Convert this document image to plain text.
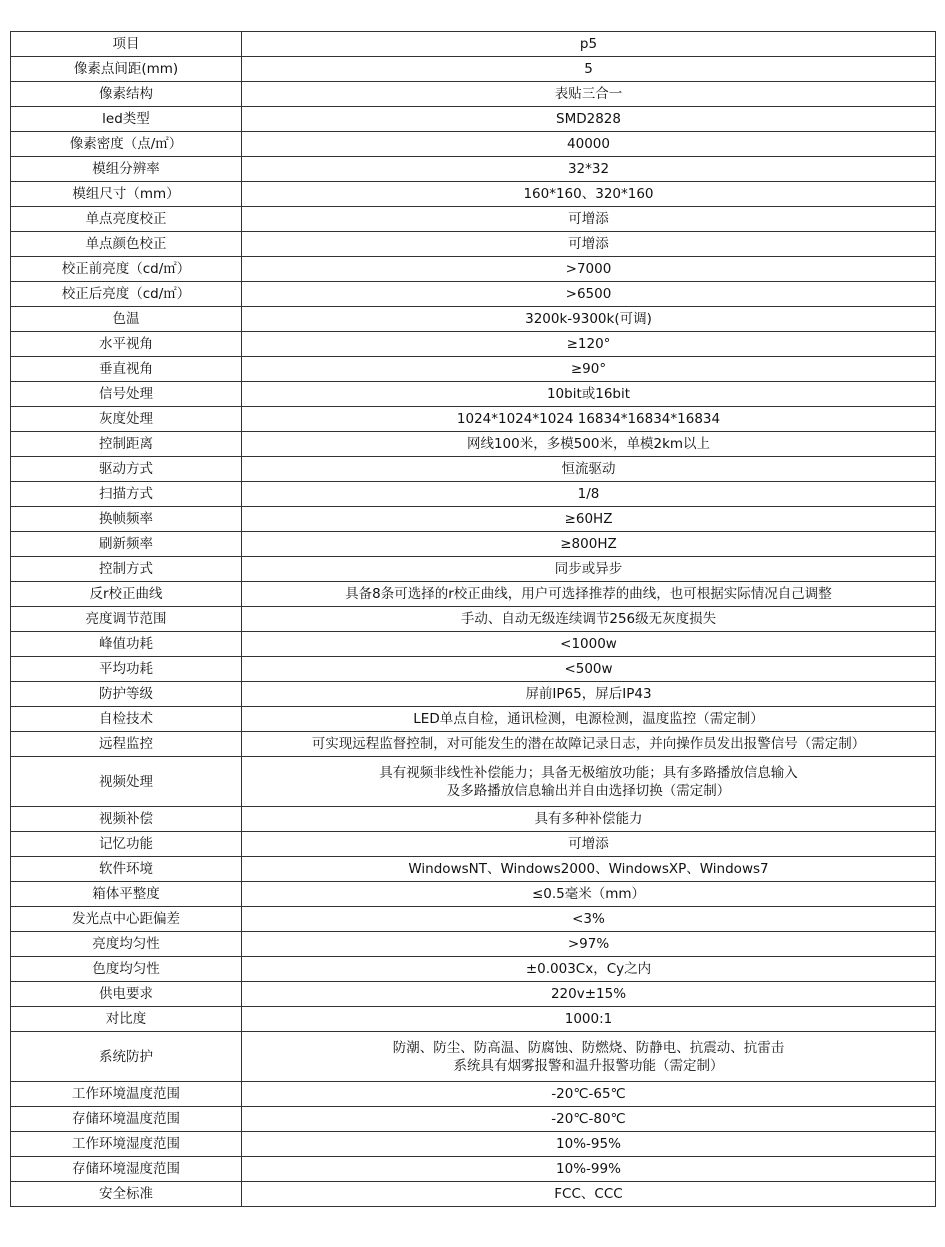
项目	p5

像素点间距(mm)	5

像素结构	表贴三合一

led类型	SMD2828

像素密度（点/㎡）	40000

模组分辨率	32*32

模组尺寸（mm）	160*160、320*160

单点亮度校正	可增添

单点颜色校正	可增添

校正前亮度（cd/㎡）	>7000

校正后亮度（cd/㎡）	>6500

色温	3200k-9300k(可调)

水平视角	≥120°

垂直视角	≥90°

信号处理	10bit或16bit

灰度处理	1024*1024*1024 16834*16834*16834

控制距离	网线100米，多模500米，单模2km以上

驱动方式	恒流驱动

扫描方式	1/8

换帧频率	≥60HZ

刷新频率	≥800HZ

控制方式	同步或异步

反r校正曲线	具备8条可选择的r校正曲线，用户可选择推荐的曲线，也可根据实际情况自己调整

亮度调节范围	手动、自动无级连续调节256级无灰度损失

峰值功耗	<1000w

平均功耗	<500w

防护等级	屏前IP65，屏后IP43

自检技术	LED单点自检，通讯检测，电源检测，温度监控（需定制）

远程监控	可实现远程监督控制，对可能发生的潜在故障记录日志，并向操作员发出报警信号（需定制）

视频处理	具有视频非线性补偿能力；具备无极缩放功能；具有多路播放信息输入
及多路播放信息输出并自由选择切换（需定制）

视频补偿	具有多种补偿能力

记忆功能	可增添

软件环境	WindowsNT、Windows2000、WindowsXP、Windows7

箱体平整度	≤0.5毫米（mm）

发光点中心距偏差	<3%

亮度均匀性	>97%

色度均匀性	±0.003Cx，Cy之内

供电要求	220v±15%

对比度	1000:1

系统防护	防潮、防尘、防高温、防腐蚀、防燃烧、防静电、抗震动、抗雷击
系统具有烟雾报警和温升报警功能（需定制）

工作环境温度范围	-20℃-65℃

存储环境温度范围	-20℃-80℃

工作环境湿度范围	10%-95%

存储环境湿度范围	10%-99%

安全标准	FCC、CCC
